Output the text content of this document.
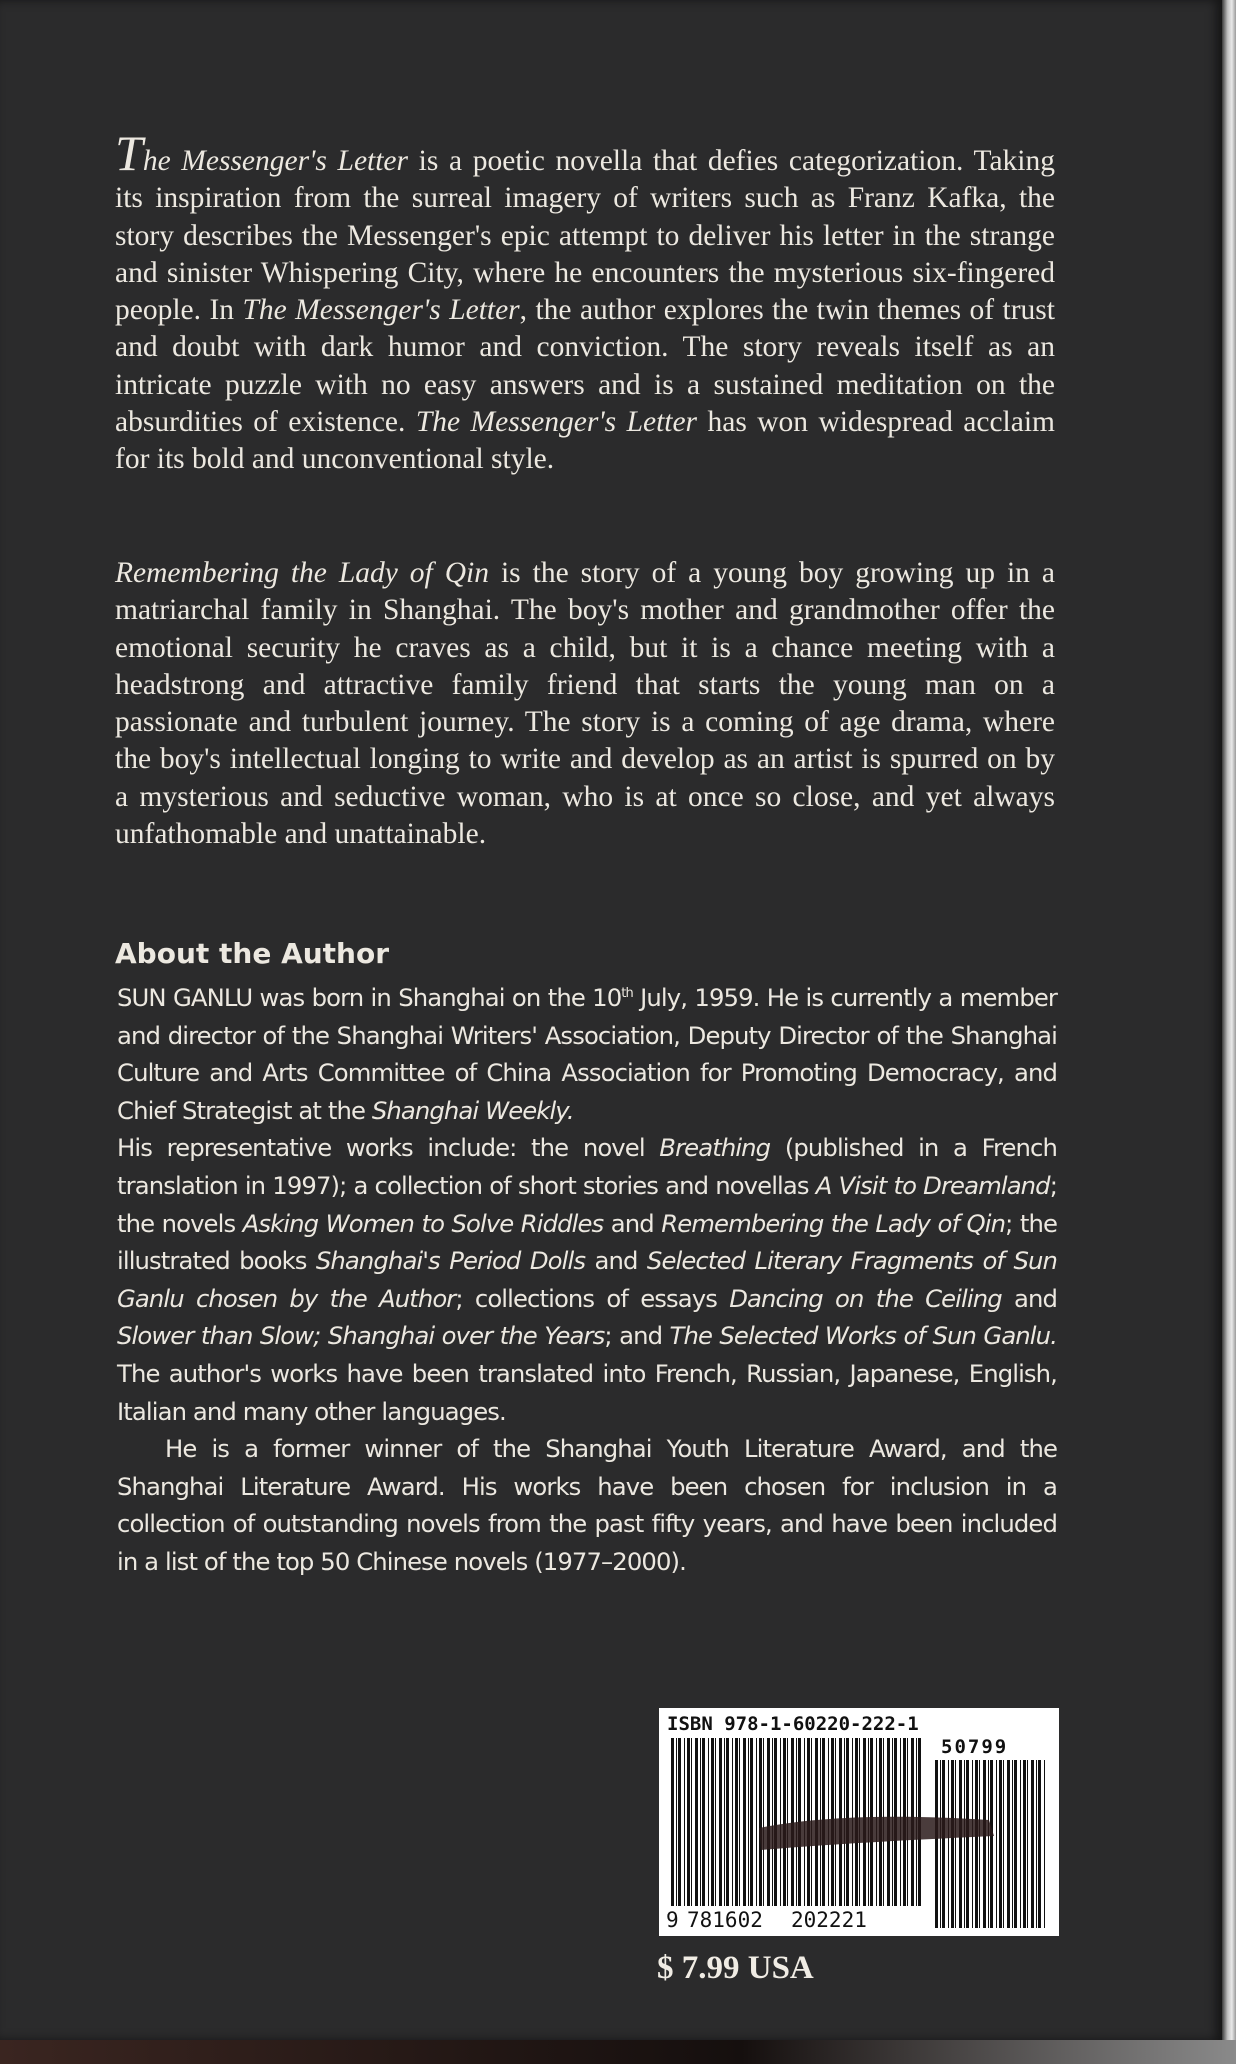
The Messenger's Letter is a poetic novella that defies categorization. Taking its inspiration from the surreal imagery of writers such as Franz Kafka, the story describes the Messenger's epic attempt to deliver his letter in the strange and sinister Whispering City, where he encounters the mysterious six-fingered people. In The Messenger's Letter, the author explores the twin themes of trust and doubt with dark humor and conviction. The story reveals itself as an intricate puzzle with no easy answers and is a sustained meditation on the absurdities of existence. The Messenger's Letter has won widespread acclaim for its bold and unconventional style.
Remembering the Lady of Qin is the story of a young boy growing up in a matriarchal family in Shanghai. The boy's mother and grandmother offer the emotional security he craves as a child, but it is a chance meeting with a headstrong and attractive family friend that starts the young man on a passionate and turbulent journey. The story is a coming of age drama, where the boy's intellectual longing to write and develop as an artist is spurred on by a mysterious and seductive woman, who is at once so close, and yet always unfathomable and unattainable.
About the Author

SUN GANLU was born in Shanghai on the 10th July, 1959. He is currently a member and director of the Shanghai Writers' Association, Deputy Director of the Shanghai Culture and Arts Committee of China Association for Promoting Democracy, and Chief Strategist at the Shanghai Weekly.

His representative works include: the novel Breathing (published in a French translation in 1997); a collection of short stories and novellas A Visit to Dreamland; the novels Asking Women to Solve Riddles and Remembering the Lady of Qin; the illustrated books Shanghai's Period Dolls and Selected Literary Fragments of Sun Ganlu chosen by the Author; collections of essays Dancing on the Ceiling and Slower than Slow; Shanghai over the Years; and The Selected Works of Sun Ganlu. The author's works have been translated into French, Russian, Japanese, English, Italian and many other languages.

He is a former winner of the Shanghai Youth Literature Award, and the Shanghai Literature Award. His works have been chosen for inclusion in a collection of outstanding novels from the past fifty years, and have been included in a list of the top 50 Chinese novels (1977–2000).

ISBN 978-1-60220-222-1
50799
9 781602 202221
$ 7.99 USA
